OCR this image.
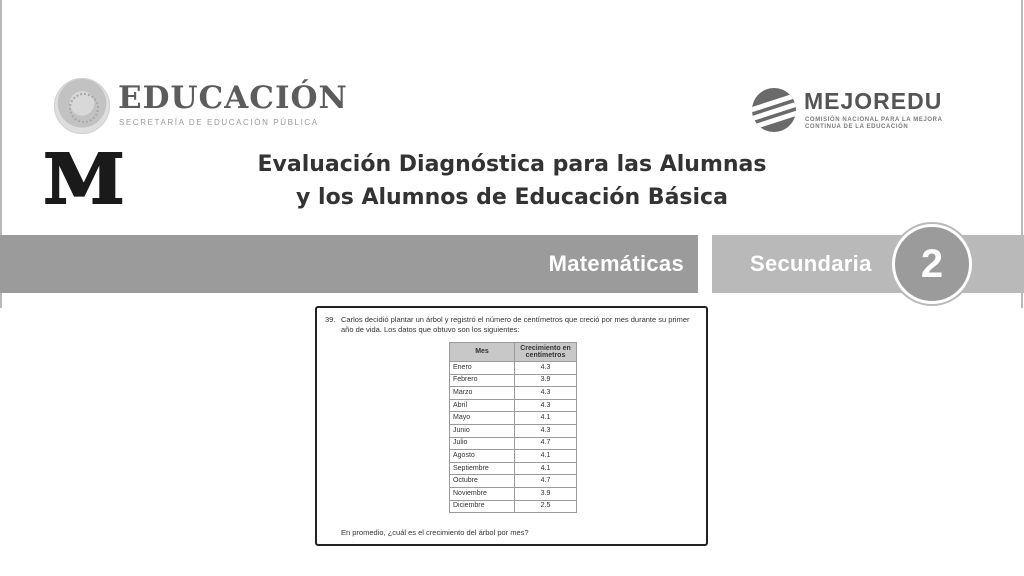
EDUCACIÓN
SECRETARÍA DE EDUCACIÓN PÚBLICA
MEJOREDU
COMISIÓN NACIONAL PARA LA MEJORA CONTINUA DE LA EDUCACIÓN
M	Evaluación Diagnóstica para las Alumnas
y los Alumnos de Educación Básica
Matemáticas	Secundaria 2
39. Carlos decidió plantar un árbol y registró el número de centímetros que creció por mes durante su primer año de vida. Los datos que obtuvo son los siguientes:
Mes	Crecimiento en centímetros
Enero	4.3
Febrero	3.9
Marzo	4.3
Abril	4.3
Mayo	4.1
Junio	4.3
Julio	4.7
Agosto	4.1
Septiembre	4.1
Octubre	4.7
Noviembre	3.9
Diciembre	2.5
En promedio, ¿cuál es el crecimiento del árbol por mes?
